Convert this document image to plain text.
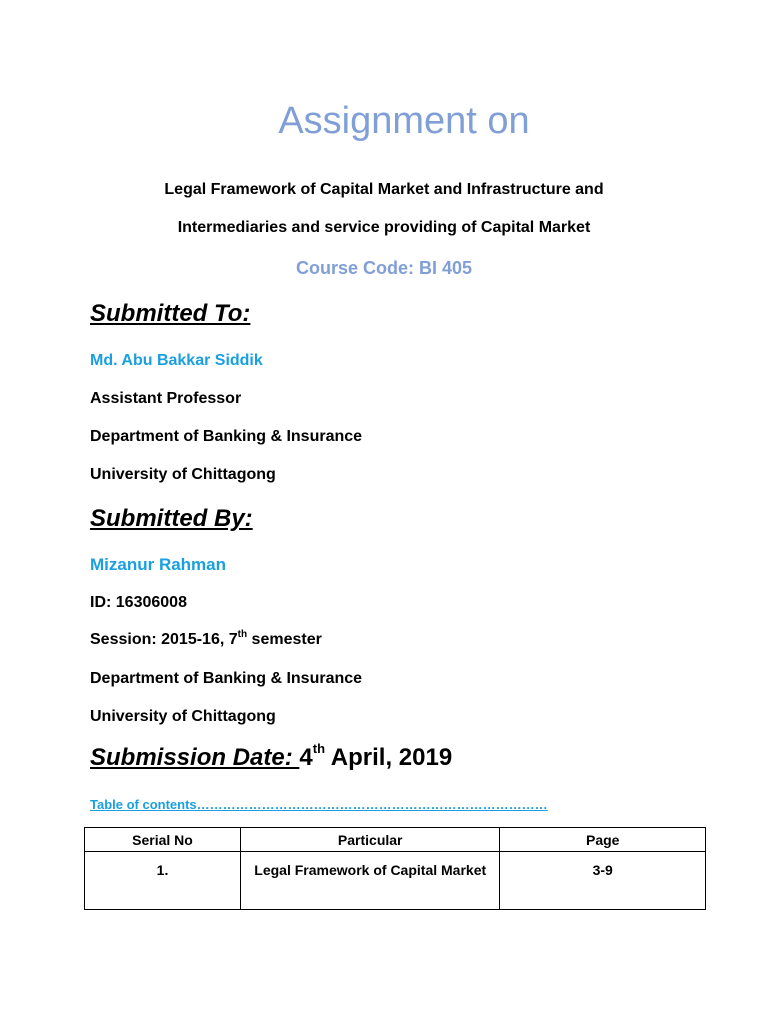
Assignment on

Legal Framework of Capital Market and Infrastructure and

Intermediaries and service providing of Capital Market

Course Code: BI 405

Submitted To:

Md. Abu Bakkar Siddik

Assistant Professor

Department of Banking & Insurance

University of Chittagong

Submitted By:

Mizanur Rahman

ID: 16306008

Session: 2015-16, 7th semester

Department of Banking & Insurance

University of Chittagong

Submission Date: 4th April, 2019

Table of contents………………………………………………………………………

Serial No	Particular	Page
1.	Legal Framework of Capital Market	3-9
